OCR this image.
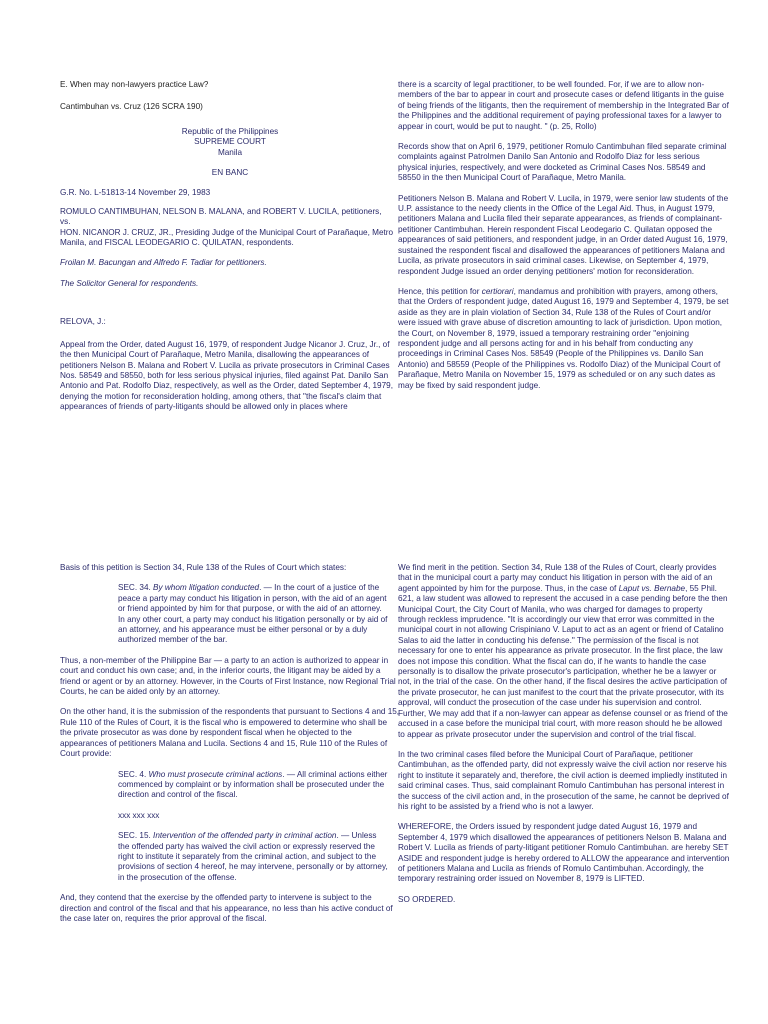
E. When may non-lawyers practice Law?

Cantimbuhan vs. Cruz (126 SCRA 190)

Republic of the Philippines
SUPREME COURT
Manila
EN BANC

G.R. No. L-51813-14 November 29, 1983

ROMULO CANTIMBUHAN, NELSON B. MALANA, and ROBERT V. LUCILA, petitioners,
vs.
HON. NICANOR J. CRUZ, JR., Presiding Judge of the Municipal Court of Parañaque, Metro Manila, and FISCAL LEODEGARIO C. QUILATAN, respondents.

Froilan M. Bacungan and Alfredo F. Tadiar for petitioners.

The Solicitor General for respondents.

RELOVA, J.:

Appeal from the Order, dated August 16, 1979, of respondent Judge Nicanor J. Cruz, Jr., of the then Municipal Court of Parañaque, Metro Manila, disallowing the appearances of petitioners Nelson B. Malana and Robert V. Lucila as private prosecutors in Criminal Cases Nos. 58549 and 58550, both for less serious physical injuries, filed against Pat. Danilo San Antonio and Pat. Rodolfo Diaz, respectively, as well as the Order, dated September 4, 1979, denying the motion for reconsideration holding, among others, that "the fiscal's claim that appearances of friends of party-litigants should be allowed only in places where

there is a scarcity of legal practitioner, to be well founded. For, if we are to allow non-members of the bar to appear in court and prosecute cases or defend litigants in the guise of being friends of the litigants, then the requirement of membership in the Integrated Bar of the Philippines and the additional requirement of paying professional taxes for a lawyer to appear in court, would be put to naught. " (p. 25, Rollo)

Records show that on April 6, 1979, petitioner Romulo Cantimbuhan filed separate criminal complaints against Patrolmen Danilo San Antonio and Rodolfo Diaz for less serious physical injuries, respectively, and were docketed as Criminal Cases Nos. 58549 and 58550 in the then Municipal Court of Parañaque, Metro Manila.

Petitioners Nelson B. Malana and Robert V. Lucila, in 1979, were senior law students of the U.P. assistance to the needy clients in the Office of the Legal Aid. Thus, in August 1979, petitioners Malana and Lucila filed their separate appearances, as friends of complainant-petitioner Cantimbuhan. Herein respondent Fiscal Leodegario C. Quilatan opposed the appearances of said petitioners, and respondent judge, in an Order dated August 16, 1979, sustained the respondent fiscal and disallowed the appearances of petitioners Malana and Lucila, as private prosecutors in said criminal cases. Likewise, on September 4, 1979, respondent Judge issued an order denying petitioners' motion for reconsideration.

Hence, this petition for certiorari, mandamus and prohibition with prayers, among others, that the Orders of respondent judge, dated August 16, 1979 and September 4, 1979, be set aside as they are in plain violation of Section 34, Rule 138 of the Rules of Court and/or were issued with grave abuse of discretion amounting to lack of jurisdiction. Upon motion, the Court, on November 8, 1979, issued a temporary restraining order "enjoining respondent judge and all persons acting for and in his behalf from conducting any proceedings in Criminal Cases Nos. 58549 (People of the Philippines vs. Danilo San Antonio) and 58559 (People of the Philippines vs. Rodolfo Diaz) of the Municipal Court of Parañaque, Metro Manila on November 15, 1979 as scheduled or on any such dates as may be fixed by said respondent judge.

Basis of this petition is Section 34, Rule 138 of the Rules of Court which states:

SEC. 34. By whom litigation conducted. — In the court of a justice of the peace a party may conduct his litigation in person, with the aid of an agent or friend appointed by him for that purpose, or with the aid of an attorney. In any other court, a party may conduct his litigation personally or by aid of an attorney, and his appearance must be either personal or by a duly authorized member of the bar.

Thus, a non-member of the Philippine Bar — a party to an action is authorized to appear in court and conduct his own case; and, in the inferior courts, the litigant may be aided by a friend or agent or by an attorney. However, in the Courts of First Instance, now Regional Trial Courts, he can be aided only by an attorney.

On the other hand, it is the submission of the respondents that pursuant to Sections 4 and 15, Rule 110 of the Rules of Court, it is the fiscal who is empowered to determine who shall be the private prosecutor as was done by respondent fiscal when he objected to the appearances of petitioners Malana and Lucila. Sections 4 and 15, Rule 110 of the Rules of Court provide:

SEC. 4. Who must prosecute criminal actions. — All criminal actions either commenced by complaint or by information shall be prosecuted under the direction and control of the fiscal.

xxx xxx xxx

SEC. 15. Intervention of the offended party in criminal action. — Unless the offended party has waived the civil action or expressly reserved the right to institute it separately from the criminal action, and subject to the provisions of section 4 hereof, he may intervene, personally or by attorney, in the prosecution of the offense.

And, they contend that the exercise by the offended party to intervene is subject to the direction and control of the fiscal and that his appearance, no less than his active conduct of the case later on, requires the prior approval of the fiscal.

We find merit in the petition. Section 34, Rule 138 of the Rules of Court, clearly provides that in the municipal court a party may conduct his litigation in person with the aid of an agent appointed by him for the purpose. Thus, in the case of Laput vs. Bernabe, 55 Phil. 621, a law student was allowed to represent the accused in a case pending before the then Municipal Court, the City Court of Manila, who was charged for damages to property through reckless imprudence. "It is accordingly our view that error was committed in the municipal court in not allowing Crispiniano V. Laput to act as an agent or friend of Catalino Salas to aid the latter in conducting his defense." The permission of the fiscal is not necessary for one to enter his appearance as private prosecutor. In the first place, the law does not impose this condition. What the fiscal can do, if he wants to handle the case personally is to disallow the private prosecutor's participation, whether he be a lawyer or not, in the trial of the case. On the other hand, if the fiscal desires the active participation of the private prosecutor, he can just manifest to the court that the private prosecutor, with its approval, will conduct the prosecution of the case under his supervision and control. Further, We may add that if a non-lawyer can appear as defense counsel or as friend of the accused in a case before the municipal trial court, with more reason should he be allowed to appear as private prosecutor under the supervision and control of the trial fiscal.

In the two criminal cases filed before the Municipal Court of Parañaque, petitioner Cantimbuhan, as the offended party, did not expressly waive the civil action nor reserve his right to institute it separately and, therefore, the civil action is deemed impliedly instituted in said criminal cases. Thus, said complainant Romulo Cantimbuhan has personal interest in the success of the civil action and, in the prosecution of the same, he cannot be deprived of his right to be assisted by a friend who is not a lawyer.

WHEREFORE, the Orders issued by respondent judge dated August 16, 1979 and September 4, 1979 which disallowed the appearances of petitioners Nelson B. Malana and Robert V. Lucila as friends of party-litigant petitioner Romulo Cantimbuhan. are hereby SET ASIDE and respondent judge is hereby ordered to ALLOW the appearance and intervention of petitioners Malana and Lucila as friends of Romulo Cantimbuhan. Accordingly, the temporary restraining order issued on November 8, 1979 is LIFTED.

SO ORDERED.
